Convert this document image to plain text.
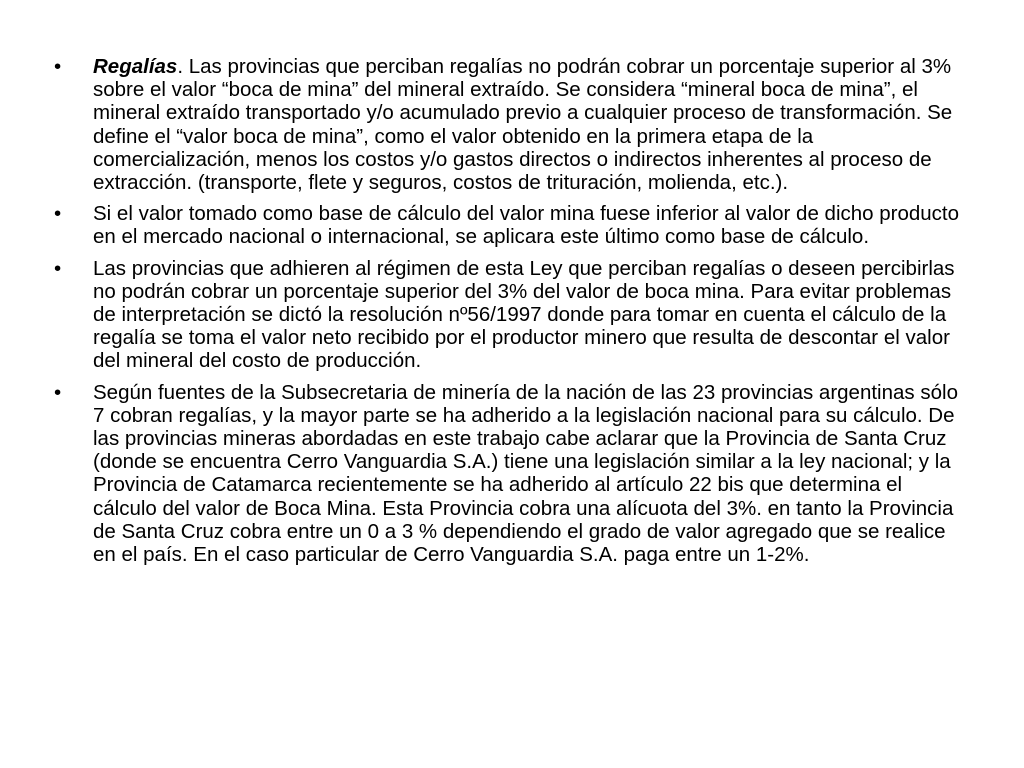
• Regalías. Las provincias que perciban regalías no podrán cobrar un porcentaje superior al 3% sobre el valor “boca de mina” del mineral extraído. Se considera “mineral boca de mina”, el mineral extraído transportado y/o acumulado previo a cualquier proceso de transformación. Se define el “valor boca de mina”, como el valor obtenido en la primera etapa de la comercialización, menos los costos y/o gastos directos o indirectos inherentes al proceso de extracción. (transporte, flete y seguros, costos de trituración, molienda, etc.).
• Si el valor tomado como base de cálculo del valor mina fuese inferior al valor de dicho producto en el mercado nacional o internacional, se aplicara este último como base de cálculo.
• Las provincias que adhieren al régimen de esta Ley que perciban regalías o deseen percibirlas no podrán cobrar un porcentaje superior del 3% del valor de boca mina. Para evitar problemas de interpretación se dictó la resolución nº56/1997 donde para tomar en cuenta el cálculo de la regalía se toma el valor neto recibido por el productor minero que resulta de descontar el valor del mineral del costo de producción.
• Según fuentes de la Subsecretaria de minería de la nación de las 23 provincias argentinas sólo 7 cobran regalías, y la mayor parte se ha adherido a la legislación nacional para su cálculo. De las provincias mineras abordadas en este trabajo cabe aclarar que la Provincia de Santa Cruz (donde se encuentra Cerro Vanguardia S.A.) tiene una legislación similar a la ley nacional; y la Provincia de Catamarca recientemente se ha adherido al artículo 22 bis que determina el cálculo del valor de Boca Mina. Esta Provincia cobra una alícuota del 3%. en tanto la Provincia de Santa Cruz cobra entre un 0 a 3 % dependiendo el grado de valor agregado que se realice en el país. En el caso particular de Cerro Vanguardia S.A. paga entre un 1-2%.
